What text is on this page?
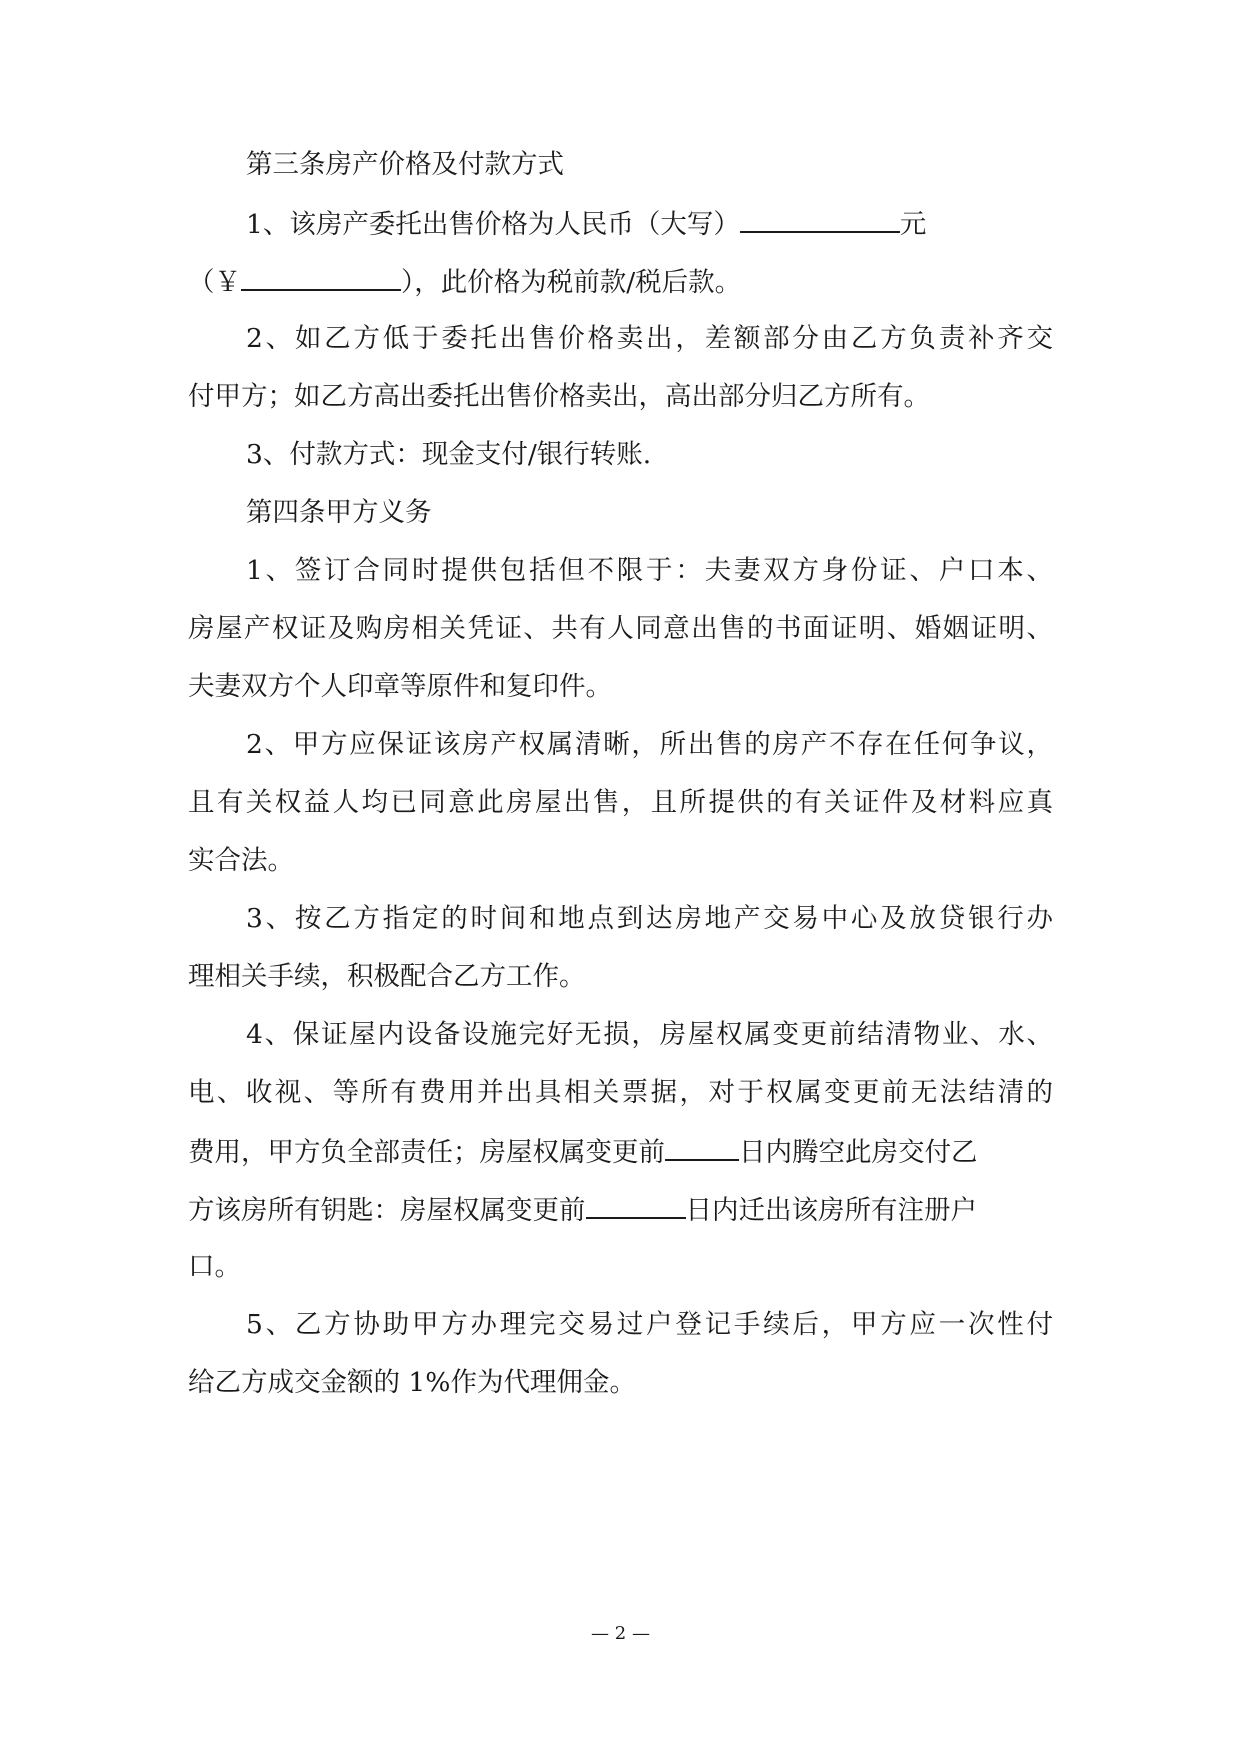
第三条房产价格及付款方式
1、该房产委托出售价格为人民币（大写）	元
（￥	），此价格为税前款/税后款。
2、如乙方低于委托出售价格卖出，差额部分由乙方负责补齐交
付甲方；如乙方高出委托出售价格卖出，高出部分归乙方所有。
3、付款方式：现金支付/银行转账.
第四条甲方义务
1、签订合同时提供包括但不限于：夫妻双方身份证、户口本、
房屋产权证及购房相关凭证、共有人同意出售的书面证明、婚姻证明、
夫妻双方个人印章等原件和复印件。
2、甲方应保证该房产权属清晰，所出售的房产不存在任何争议，
且有关权益人均已同意此房屋出售，且所提供的有关证件及材料应真
实合法。
3、按乙方指定的时间和地点到达房地产交易中心及放贷银行办
理相关手续，积极配合乙方工作。
4、保证屋内设备设施完好无损，房屋权属变更前结清物业、水、
电、收视、等所有费用并出具相关票据，对于权属变更前无法结清的
费用，甲方负全部责任；房屋权属变更前	日内腾空此房交付乙
方该房所有钥匙：房屋权属变更前	日内迁出该房所有注册户
口。
5、乙方协助甲方办理完交易过户登记手续后，甲方应一次性付
给乙方成交金额的 1%作为代理佣金。
— 2 —
